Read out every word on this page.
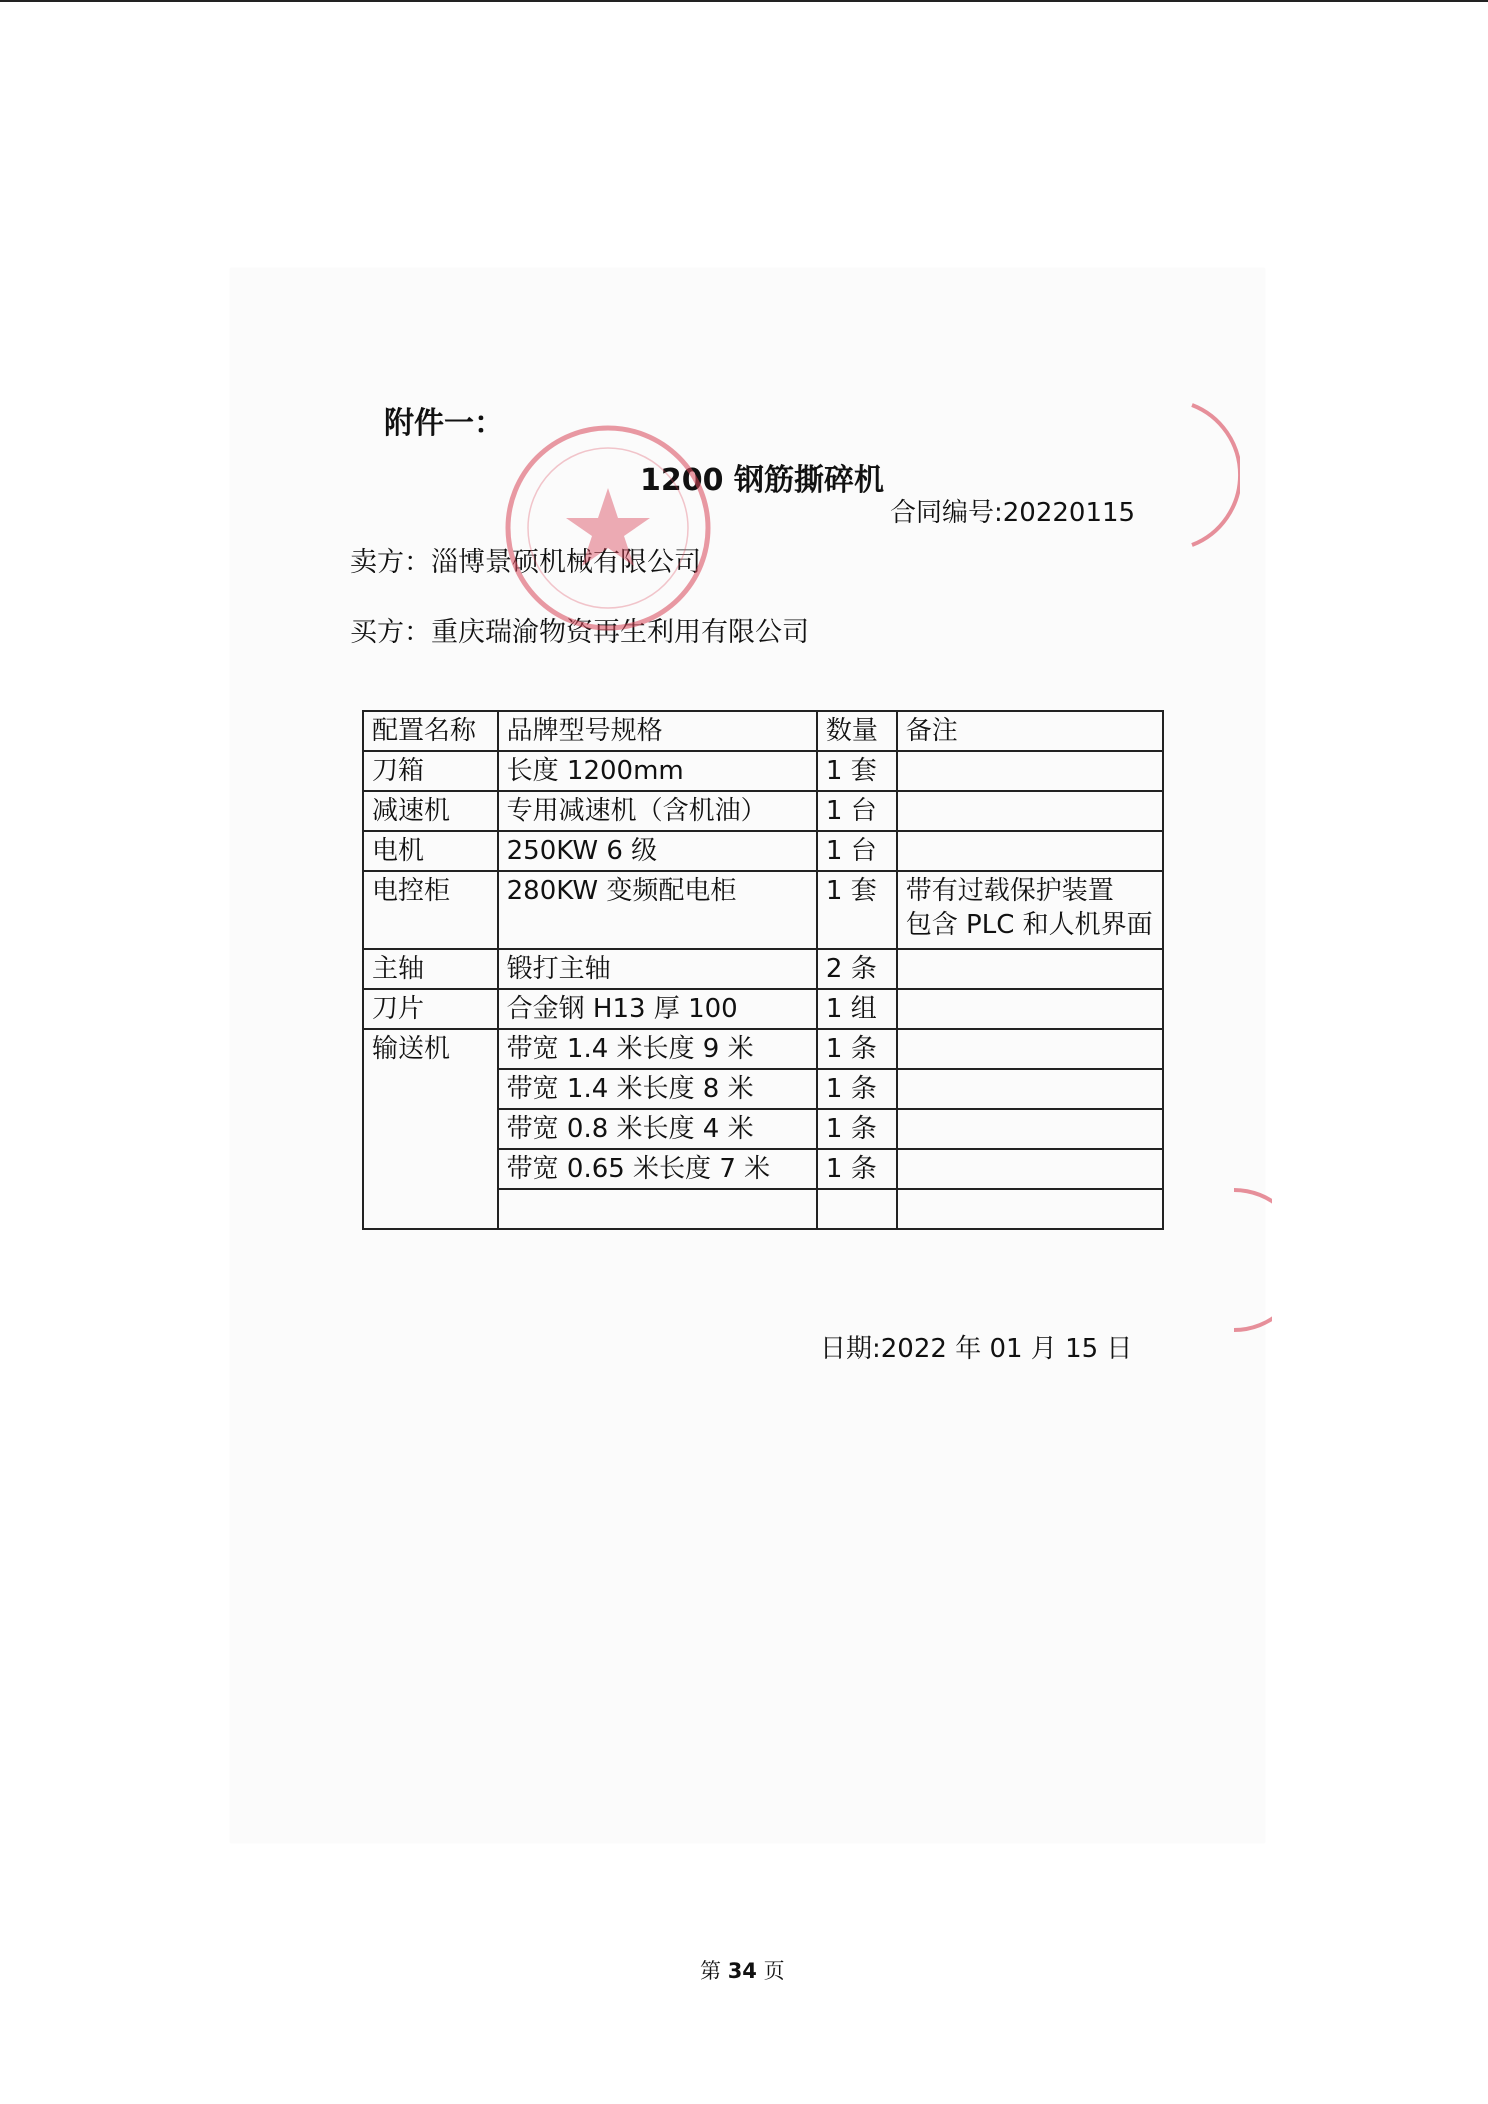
附件一：
1200 钢筋撕碎机
合同编号:20220115
卖方：淄博景硕机械有限公司
买方：重庆瑞渝物资再生利用有限公司
配置名称	品牌型号规格	数量	备注
刀箱	长度 1200mm	1 套	
减速机	专用减速机（含机油）	1 台	
电机	250KW 6 级	1 台	
电控柜	280KW 变频配电柜	1 套	带有过载保护装置
包含 PLC 和人机界面

主轴	锻打主轴	2 条	
刀片	合金钢 H13 厚 100	1 组	
输送机	带宽 1.4 米长度 9 米	1 条	
	带宽 1.4 米长度 8 米	1 条	
	带宽 0.8 米长度 4 米	1 条	
	带宽 0.65 米长度 7 米	1 条	

日期:2022 年 01 月 15 日
第 34 页
